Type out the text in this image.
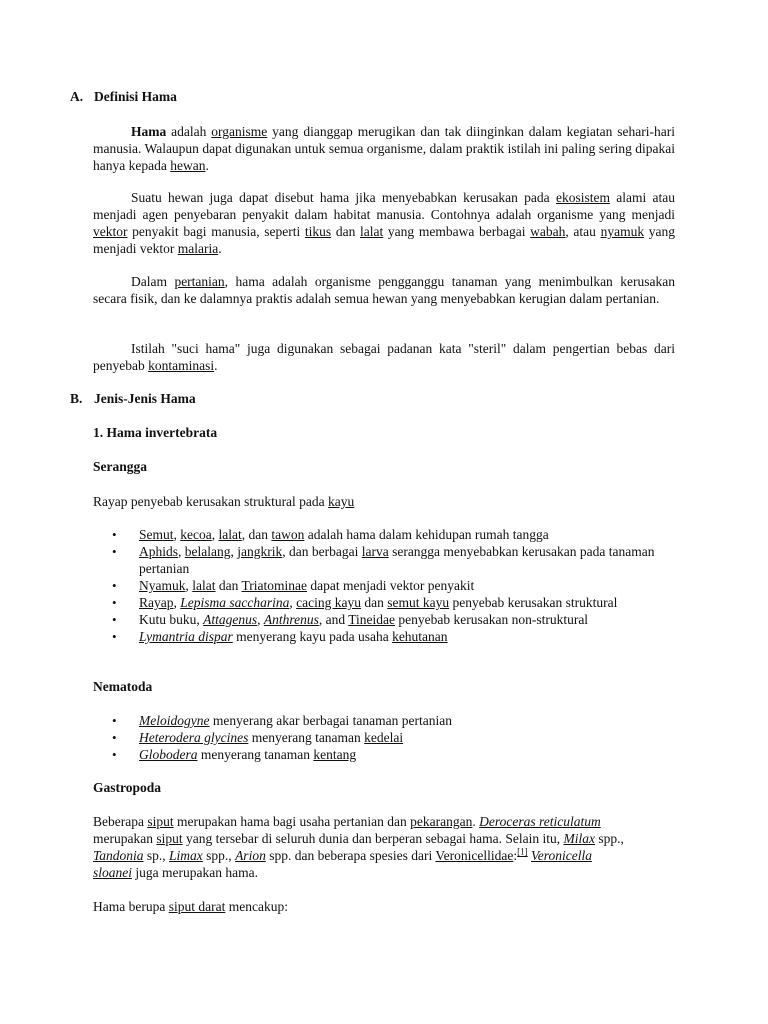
A. Definisi Hama

Hama adalah organisme yang dianggap merugikan dan tak diinginkan dalam kegiatan sehari-hari manusia. Walaupun dapat digunakan untuk semua organisme, dalam praktik istilah ini paling sering dipakai hanya kepada hewan.

Suatu hewan juga dapat disebut hama jika menyebabkan kerusakan pada ekosistem alami atau menjadi agen penyebaran penyakit dalam habitat manusia. Contohnya adalah organisme yang menjadi vektor penyakit bagi manusia, seperti tikus dan lalat yang membawa berbagai wabah, atau nyamuk yang menjadi vektor malaria.

Dalam pertanian, hama adalah organisme pengganggu tanaman yang menimbulkan kerusakan secara fisik, dan ke dalamnya praktis adalah semua hewan yang menyebabkan kerugian dalam pertanian.

Istilah "suci hama" juga digunakan sebagai padanan kata "steril" dalam pengertian bebas dari penyebab kontaminasi.

B. Jenis-Jenis Hama

1. Hama invertebrata

Serangga

Rayap penyebab kerusakan struktural pada kayu

• Semut, kecoa, lalat, dan tawon adalah hama dalam kehidupan rumah tangga
• Aphids, belalang, jangkrik, dan berbagai larva serangga menyebabkan kerusakan pada tanaman pertanian
• Nyamuk, lalat dan Triatominae dapat menjadi vektor penyakit
• Rayap, Lepisma saccharina, cacing kayu dan semut kayu penyebab kerusakan struktural
• Kutu buku, Attagenus, Anthrenus, and Tineidae penyebab kerusakan non-struktural
• Lymantria dispar menyerang kayu pada usaha kehutanan

Nematoda

• Meloidogyne menyerang akar berbagai tanaman pertanian
• Heterodera glycines menyerang tanaman kedelai
• Globodera menyerang tanaman kentang

Gastropoda

Beberapa siput merupakan hama bagi usaha pertanian dan pekarangan. Deroceras reticulatum merupakan siput yang tersebar di seluruh dunia dan berperan sebagai hama. Selain itu, Milax spp., Tandonia sp., Limax spp., Arion spp. dan beberapa spesies dari Veronicellidae:[1] Veronicella sloanei juga merupakan hama.

Hama berupa siput darat mencakup:
